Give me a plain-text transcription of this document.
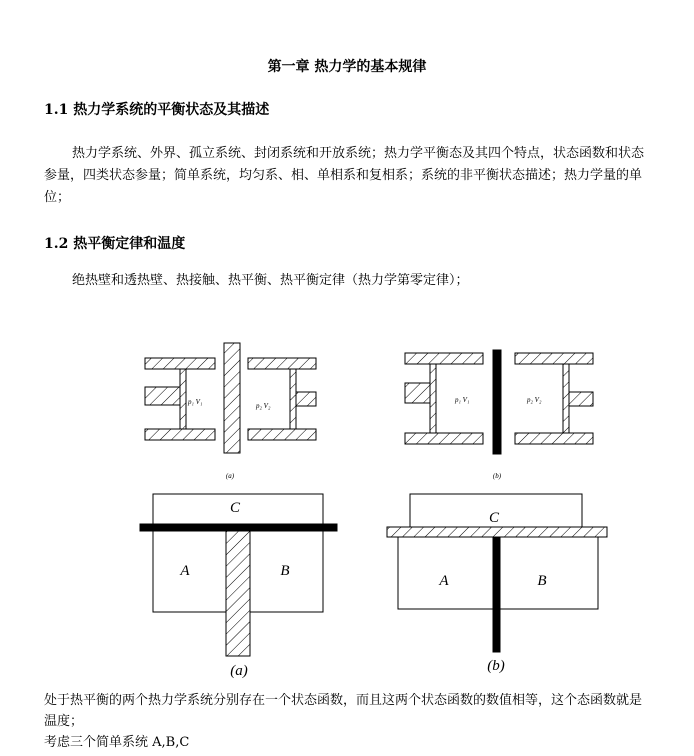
第一章 热力学的基本规律
1.1 热力学系统的平衡状态及其描述
热力学系统、外界、孤立系统、封闭系统和开放系统；热力学平衡态及其四个特点，状态函数和状态参量，四类状态参量；简单系统，均匀系、相、单相系和复相系；系统的非平衡状态描述；热力学量的单位；
1.2 热平衡定律和温度
绝热壁和透热壁、热接触、热平衡、热平衡定律（热力学第零定律）；
p₁ V₁	p₂ V₂
(a)
p₁ V₁	p₂ V₂
(b)
C
A	B
(a)
C
A	B
(b)
处于热平衡的两个热力学系统分别存在一个状态函数，而且这两个状态函数的数值相等，这个态函数就是温度；
考虑三个简单系统 A,B,C
